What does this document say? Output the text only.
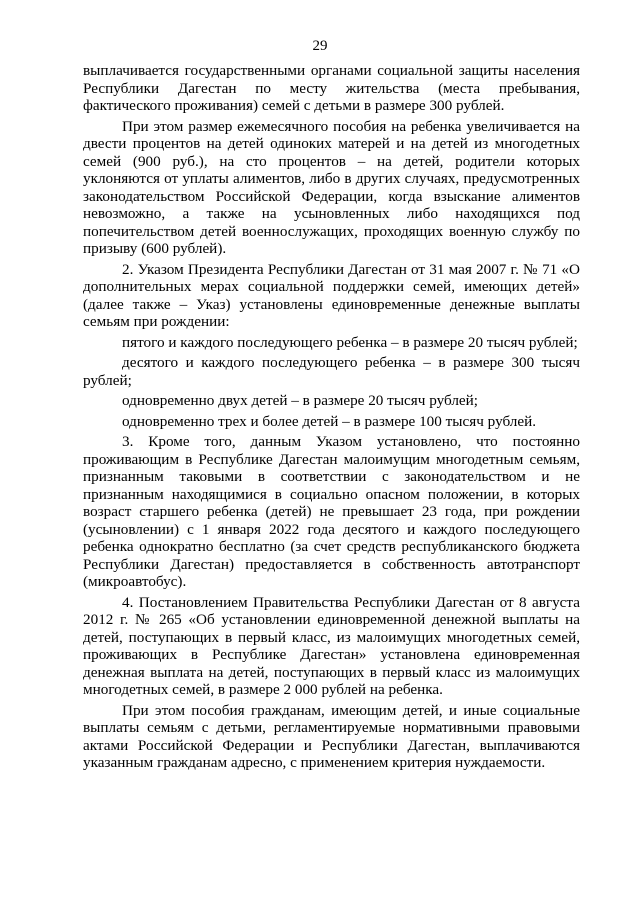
29

выплачивается государственными органами социальной защиты населения Республики Дагестан по месту жительства (места пребывания, фактического проживания) семей с детьми в размере 300 рублей.

При этом размер ежемесячного пособия на ребенка увеличивается на двести процентов на детей одиноких матерей и на детей из многодетных семей (900 руб.), на сто процентов – на детей, родители которых уклоняются от уплаты алиментов, либо в других случаях, предусмотренных законодательством Российской Федерации, когда взыскание алиментов невозможно, а также на усыновленных либо находящихся под попечительством детей военнослужащих, проходящих военную службу по призыву (600 рублей).

2. Указом Президента Республики Дагестан от 31 мая 2007 г. № 71 «О дополнительных мерах социальной поддержки семей, имеющих детей» (далее также – Указ) установлены единовременные денежные выплаты семьям при рождении:

пятого и каждого последующего ребенка – в размере 20 тысяч рублей;

десятого и каждого последующего ребенка – в размере 300 тысяч рублей;

одновременно двух детей – в размере 20 тысяч рублей;

одновременно трех и более детей – в размере 100 тысяч рублей.

3. Кроме того, данным Указом установлено, что постоянно проживающим в Республике Дагестан малоимущим многодетным семьям, признанным таковыми в соответствии с законодательством и не признанным находящимися в социально опасном положении, в которых возраст старшего ребенка (детей) не превышает 23 года, при рождении (усыновлении) с 1 января 2022 года десятого и каждого последующего ребенка однократно бесплатно (за счет средств республиканского бюджета Республики Дагестан) предоставляется в собственность автотранспорт (микроавтобус).

4. Постановлением Правительства Республики Дагестан от 8 августа 2012 г. № 265 «Об установлении единовременной денежной выплаты на детей, поступающих в первый класс, из малоимущих многодетных семей, проживающих в Республике Дагестан» установлена единовременная денежная выплата на детей, поступающих в первый класс из малоимущих многодетных семей, в размере 2 000 рублей на ребенка.

При этом пособия гражданам, имеющим детей, и иные социальные выплаты семьям с детьми, регламентируемые нормативными правовыми актами Российской Федерации и Республики Дагестан, выплачиваются указанным гражданам адресно, с применением критерия нуждаемости.
